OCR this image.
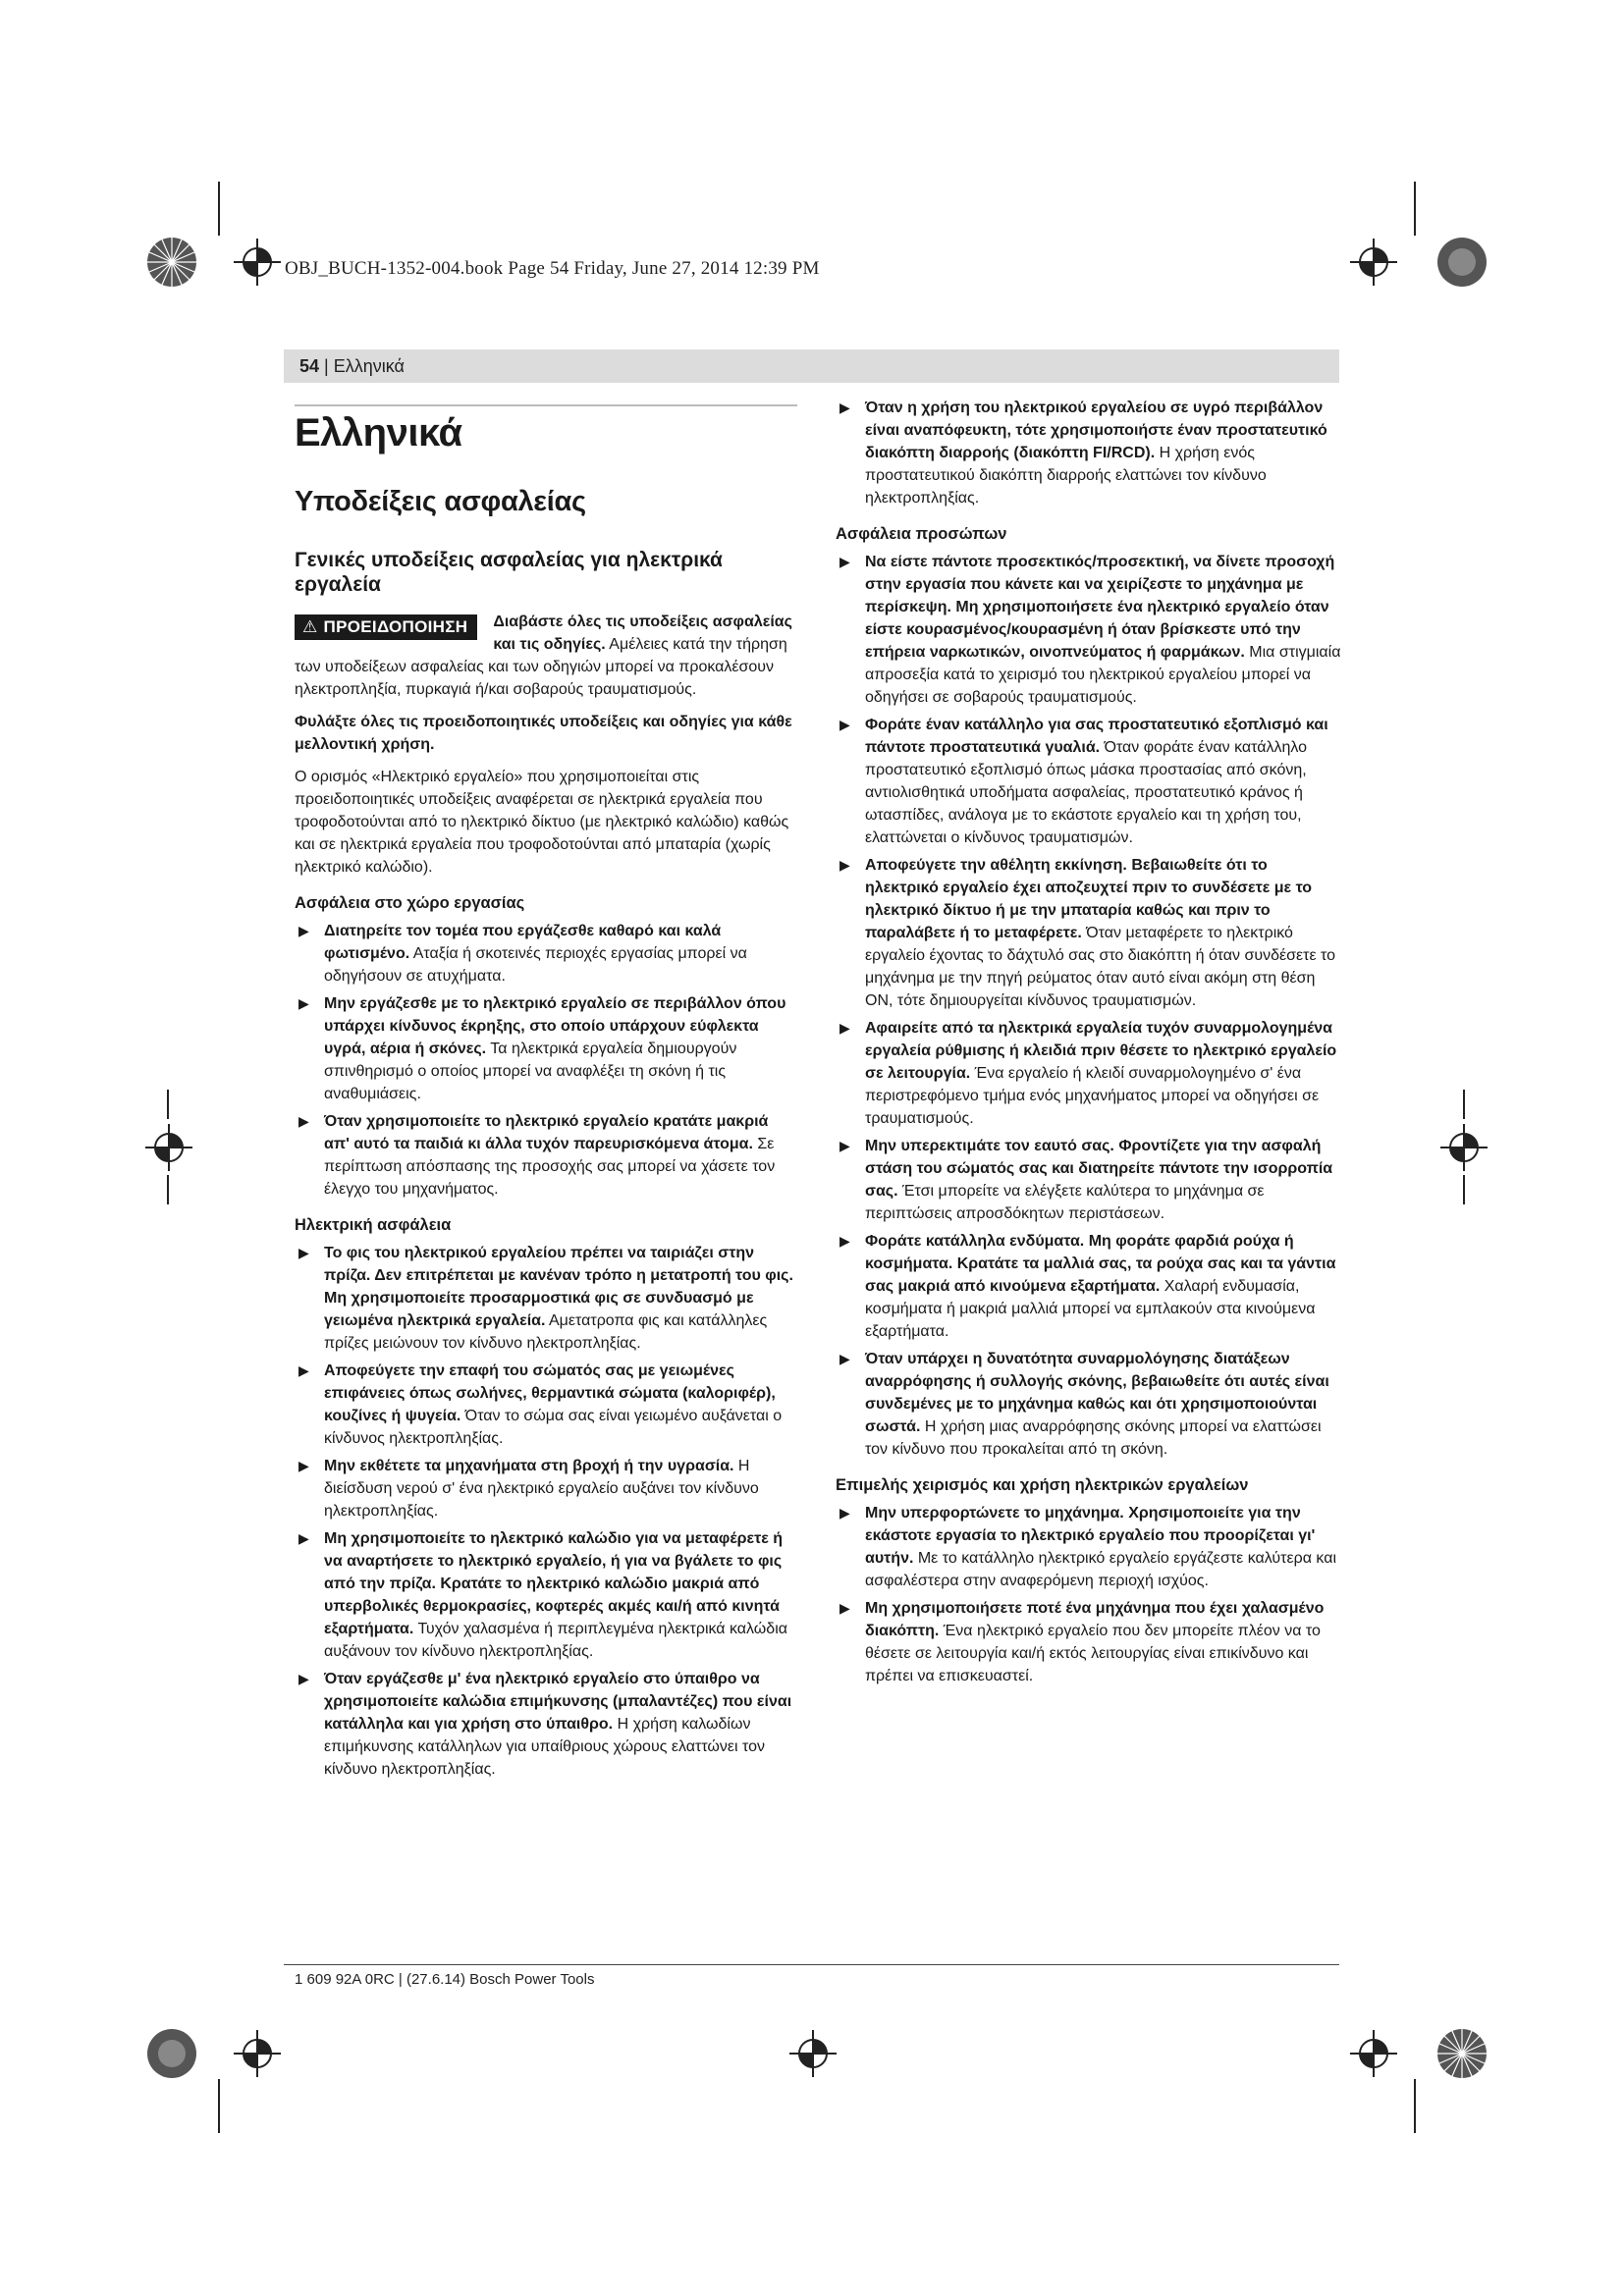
OBJ_BUCH-1352-004.book Page 54 Friday, June 27, 2014 12:39 PM
54 | Ελληνικά
Ελληνικά
Υποδείξεις ασφαλείας
Γενικές υποδείξεις ασφαλείας για ηλεκτρικά εργαλεία
⚠ ΠΡΟΕΙΔΟΠΟΙΗΣΗ	Διαβάστε όλες τις υποδείξεις ασφαλείας και τις οδηγίες. Αμέλειες κατά την τήρηση των υποδείξεων ασφαλείας και των οδηγιών μπορεί να προκαλέσουν ηλεκτροπληξία, πυρκαγιά ή/και σοβαρούς τραυματισμούς.

Φυλάξτε όλες τις προειδοποιητικές υποδείξεις και οδηγίες για κάθε μελλοντική χρήση.

Ο ορισμός «Ηλεκτρικό εργαλείο» που χρησιμοποιείται στις προειδοποιητικές υποδείξεις αναφέρεται σε ηλεκτρικά εργαλεία που τροφοδοτούνται από το ηλεκτρικό δίκτυο (με ηλεκτρικό καλώδιο) καθώς και σε ηλεκτρικά εργαλεία που τροφοδοτούνται από μπαταρία (χωρίς ηλεκτρικό καλώδιο).

Ασφάλεια στο χώρο εργασίας
▶ Διατηρείτε τον τομέα που εργάζεσθε καθαρό και καλά φωτισμένο. Αταξία ή σκοτεινές περιοχές εργασίας μπορεί να οδηγήσουν σε ατυχήματα.
▶ Μην εργάζεσθε με το ηλεκτρικό εργαλείο σε περιβάλλον όπου υπάρχει κίνδυνος έκρηξης, στο οποίο υπάρχουν εύφλεκτα υγρά, αέρια ή σκόνες. Τα ηλεκτρικά εργαλεία δημιουργούν σπινθηρισμό ο οποίος μπορεί να αναφλέξει τη σκόνη ή τις αναθυμιάσεις.
▶ Όταν χρησιμοποιείτε το ηλεκτρικό εργαλείο κρατάτε μακριά απ' αυτό τα παιδιά κι άλλα τυχόν παρευρισκόμενα άτομα. Σε περίπτωση απόσπασης της προσοχής σας μπορεί να χάσετε τον έλεγχο του μηχανήματος.
Ηλεκτρική ασφάλεια
▶ Το φις του ηλεκτρικού εργαλείου πρέπει να ταιριάζει στην πρίζα. Δεν επιτρέπεται με κανέναν τρόπο η μετατροπή του φις. Μη χρησιμοποιείτε προσαρμοστικά φις σε συνδυασμό με γειωμένα ηλεκτρικά εργαλεία. Αμετατροπα φις και κατάλληλες πρίζες μειώνουν τον κίνδυνο ηλεκτροπληξίας.
▶ Αποφεύγετε την επαφή του σώματός σας με γειωμένες επιφάνειες όπως σωλήνες, θερμαντικά σώματα (καλοριφέρ), κουζίνες ή ψυγεία. Όταν το σώμα σας είναι γειωμένο αυξάνεται ο κίνδυνος ηλεκτροπληξίας.
▶ Μην εκθέτετε τα μηχανήματα στη βροχή ή την υγρασία. Η διείσδυση νερού σ' ένα ηλεκτρικό εργαλείο αυξάνει τον κίνδυνο ηλεκτροπληξίας.
▶ Μη χρησιμοποιείτε το ηλεκτρικό καλώδιο για να μεταφέρετε ή να αναρτήσετε το ηλεκτρικό εργαλείο, ή για να βγάλετε το φις από την πρίζα. Κρατάτε το ηλεκτρικό καλώδιο μακριά από υπερβολικές θερμοκρασίες, κοφτερές ακμές και/ή από κινητά εξαρτήματα. Τυχόν χαλασμένα ή περιπλεγμένα ηλεκτρικά καλώδια αυξάνουν τον κίνδυνο ηλεκτροπληξίας.
▶ Όταν εργάζεσθε μ' ένα ηλεκτρικό εργαλείο στο ύπαιθρο να χρησιμοποιείτε καλώδια επιμήκυνσης (μπαλαντέζες) που είναι κατάλληλα και για χρήση στο ύπαιθρο. Η χρήση καλωδίων επιμήκυνσης κατάλληλων για υπαίθριους χώρους ελαττώνει τον κίνδυνο ηλεκτροπληξίας.
▶ Όταν η χρήση του ηλεκτρικού εργαλείου σε υγρό περιβάλλον είναι αναπόφευκτη, τότε χρησιμοποιήστε έναν προστατευτικό διακόπτη διαρροής (διακόπτη FI/RCD). Η χρήση ενός προστατευτικού διακόπτη διαρροής ελαττώνει τον κίνδυνο ηλεκτροπληξίας.
Ασφάλεια προσώπων
▶ Να είστε πάντοτε προσεκτικός/προσεκτική, να δίνετε προσοχή στην εργασία που κάνετε και να χειρίζεστε το μηχάνημα με περίσκεψη. Μη χρησιμοποιήσετε ένα ηλεκτρικό εργαλείο όταν είστε κουρασμένος/κουρασμένη ή όταν βρίσκεστε υπό την επήρεια ναρκωτικών, οινοπνεύματος ή φαρμάκων. Μια στιγμιαία απροσεξία κατά το χειρισμό του ηλεκτρικού εργαλείου μπορεί να οδηγήσει σε σοβαρούς τραυματισμούς.
▶ Φοράτε έναν κατάλληλο για σας προστατευτικό εξοπλισμό και πάντοτε προστατευτικά γυαλιά. Όταν φοράτε έναν κατάλληλο προστατευτικό εξοπλισμό όπως μάσκα προστασίας από σκόνη, αντιολισθητικά υποδήματα ασφαλείας, προστατευτικό κράνος ή ωτασπίδες, ανάλογα με το εκάστοτε εργαλείο και τη χρήση του, ελαττώνεται ο κίνδυνος τραυματισμών.
▶ Αποφεύγετε την αθέλητη εκκίνηση. Βεβαιωθείτε ότι το ηλεκτρικό εργαλείο έχει αποζευχτεί πριν το συνδέσετε με το ηλεκτρικό δίκτυο ή με την μπαταρία καθώς και πριν το παραλάβετε ή το μεταφέρετε. Όταν μεταφέρετε το ηλεκτρικό εργαλείο έχοντας το δάχτυλό σας στο διακόπτη ή όταν συνδέσετε το μηχάνημα με την πηγή ρεύματος όταν αυτό είναι ακόμη στη θέση ON, τότε δημιουργείται κίνδυνος τραυματισμών.
▶ Αφαιρείτε από τα ηλεκτρικά εργαλεία τυχόν συναρμολογημένα εργαλεία ρύθμισης ή κλειδιά πριν θέσετε το ηλεκτρικό εργαλείο σε λειτουργία. Ένα εργαλείο ή κλειδί συναρμολογημένο σ' ένα περιστρεφόμενο τμήμα ενός μηχανήματος μπορεί να οδηγήσει σε τραυματισμούς.
▶ Μην υπερεκτιμάτε τον εαυτό σας. Φροντίζετε για την ασφαλή στάση του σώματός σας και διατηρείτε πάντοτε την ισορροπία σας. Έτσι μπορείτε να ελέγξετε καλύτερα το μηχάνημα σε περιπτώσεις απροσδόκητων περιστάσεων.
▶ Φοράτε κατάλληλα ενδύματα. Μη φοράτε φαρδιά ρούχα ή κοσμήματα. Κρατάτε τα μαλλιά σας, τα ρούχα σας και τα γάντια σας μακριά από κινούμενα εξαρτήματα. Χαλαρή ενδυμασία, κοσμήματα ή μακριά μαλλιά μπορεί να εμπλακούν στα κινούμενα εξαρτήματα.
▶ Όταν υπάρχει η δυνατότητα συναρμολόγησης διατάξεων αναρρόφησης ή συλλογής σκόνης, βεβαιωθείτε ότι αυτές είναι συνδεμένες με το μηχάνημα καθώς και ότι χρησιμοποιούνται σωστά. Η χρήση μιας αναρρόφησης σκόνης μπορεί να ελαττώσει τον κίνδυνο που προκαλείται από τη σκόνη.
Επιμελής χειρισμός και χρήση ηλεκτρικών εργαλείων
▶ Μην υπερφορτώνετε το μηχάνημα. Χρησιμοποιείτε για την εκάστοτε εργασία το ηλεκτρικό εργαλείο που προορίζεται γι' αυτήν. Με το κατάλληλο ηλεκτρικό εργαλείο εργάζεστε καλύτερα και ασφαλέστερα στην αναφερόμενη περιοχή ισχύος.
▶ Μη χρησιμοποιήσετε ποτέ ένα μηχάνημα που έχει χαλασμένο διακόπτη. Ένα ηλεκτρικό εργαλείο που δεν μπορείτε πλέον να το θέσετε σε λειτουργία και/ή εκτός λειτουργίας είναι επικίνδυνο και πρέπει να επισκευαστεί.
1 609 92A 0RC | (27.6.14) Bosch Power Tools
